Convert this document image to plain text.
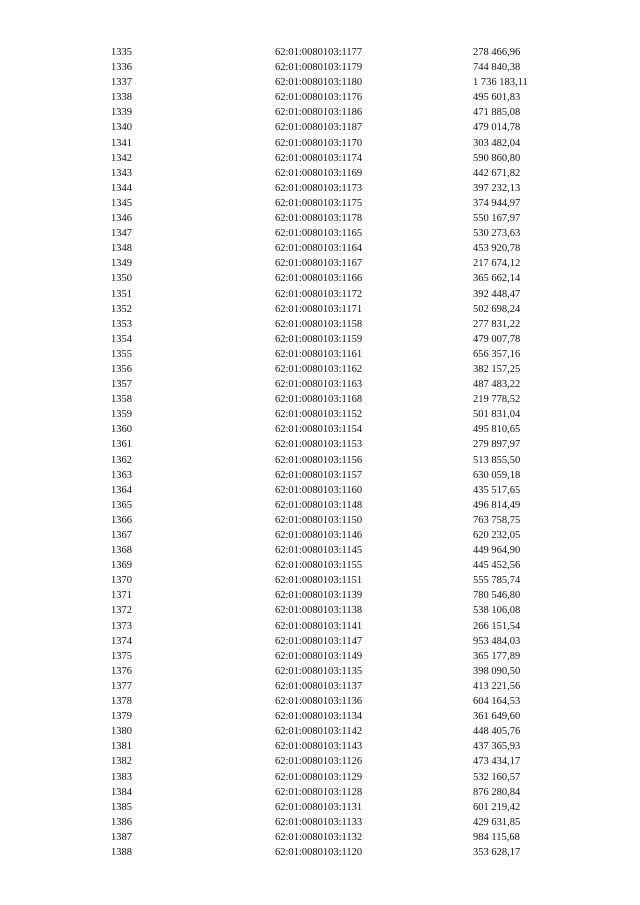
1335	62:01:0080103:1177	278 466,96
1336	62:01:0080103:1179	744 840,38
1337	62:01:0080103:1180	1 736 183,11
1338	62:01:0080103:1176	495 601,83
1339	62:01:0080103:1186	471 885,08
1340	62:01:0080103:1187	479 014,78
1341	62:01:0080103:1170	303 482,04
1342	62:01:0080103:1174	590 860,80
1343	62:01:0080103:1169	442 671,82
1344	62:01:0080103:1173	397 232,13
1345	62:01:0080103:1175	374 944,97
1346	62:01:0080103:1178	550 167,97
1347	62:01:0080103:1165	530 273,63
1348	62:01:0080103:1164	453 920,78
1349	62:01:0080103:1167	217 674,12
1350	62:01:0080103:1166	365 662,14
1351	62:01:0080103:1172	392 448,47
1352	62:01:0080103:1171	502 698,24
1353	62:01:0080103:1158	277 831,22
1354	62:01:0080103:1159	479 007,78
1355	62:01:0080103:1161	656 357,16
1356	62:01:0080103:1162	382 157,25
1357	62:01:0080103:1163	487 483,22
1358	62:01:0080103:1168	219 778,52
1359	62:01:0080103:1152	501 831,04
1360	62:01:0080103:1154	495 810,65
1361	62:01:0080103:1153	279 897,97
1362	62:01:0080103:1156	513 855,50
1363	62:01:0080103:1157	630 059,18
1364	62:01:0080103:1160	435 517,65
1365	62:01:0080103:1148	496 814,49
1366	62:01:0080103:1150	763 758,75
1367	62:01:0080103:1146	620 232,05
1368	62:01:0080103:1145	449 964,90
1369	62:01:0080103:1155	445 452,56
1370	62:01:0080103:1151	555 785,74
1371	62:01:0080103:1139	780 546,80
1372	62:01:0080103:1138	538 106,08
1373	62:01:0080103:1141	266 151,54
1374	62:01:0080103:1147	953 484,03
1375	62:01:0080103:1149	365 177,89
1376	62:01:0080103:1135	398 090,50
1377	62:01:0080103:1137	413 221,56
1378	62:01:0080103:1136	604 164,53
1379	62:01:0080103:1134	361 649,60
1380	62:01:0080103:1142	448 405,76
1381	62:01:0080103:1143	437 365,93
1382	62:01:0080103:1126	473 434,17
1383	62:01:0080103:1129	532 160,57
1384	62:01:0080103:1128	876 280,84
1385	62:01:0080103:1131	601 219,42
1386	62:01:0080103:1133	429 631,85
1387	62:01:0080103:1132	984 115,68
1388	62:01:0080103:1120	353 628,17
